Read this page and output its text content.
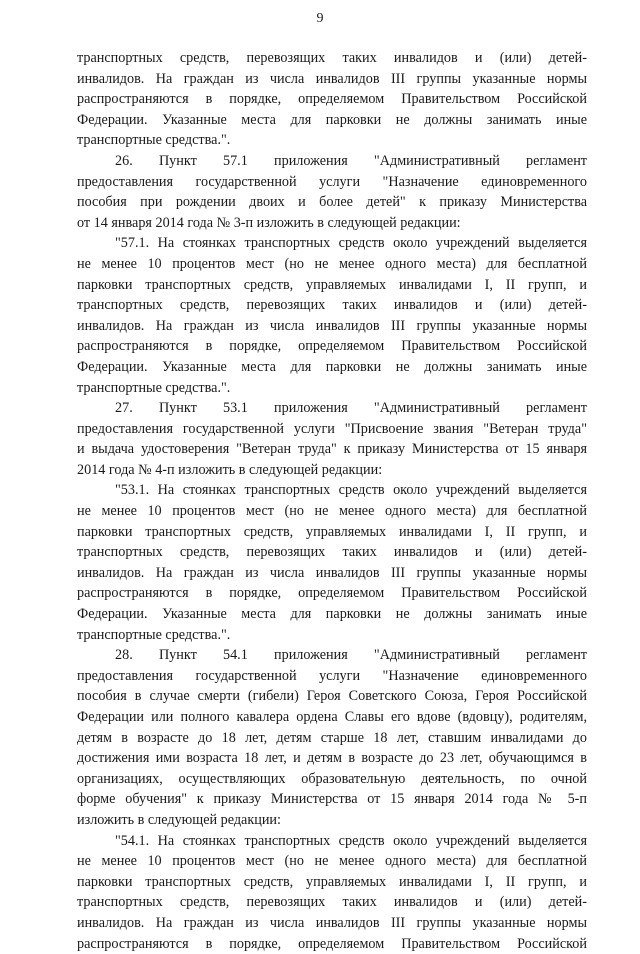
9
транспортных средств, перевозящих таких инвалидов и (или) детей-
инвалидов. На граждан из числа инвалидов III группы указанные нормы
распространяются в порядке, определяемом Правительством Российской
Федерации. Указанные места для парковки не должны занимать иные
транспортные средства.".
26. Пункт 57.1 приложения "Административный регламент
предоставления государственной услуги "Назначение единовременного
пособия при рождении двоих и более детей" к приказу Министерства
от 14 января 2014 года № 3-п изложить в следующей редакции:
"57.1. На стоянках транспортных средств около учреждений выделяется
не менее 10 процентов мест (но не менее одного места) для бесплатной
парковки транспортных средств, управляемых инвалидами I, II групп, и
транспортных средств, перевозящих таких инвалидов и (или) детей-
инвалидов. На граждан из числа инвалидов III группы указанные нормы
распространяются в порядке, определяемом Правительством Российской
Федерации. Указанные места для парковки не должны занимать иные
транспортные средства.".
27. Пункт 53.1 приложения "Административный регламент
предоставления государственной услуги "Присвоение звания "Ветеран труда"
и выдача удостоверения "Ветеран труда" к приказу Министерства от 15 января
2014 года № 4-п изложить в следующей редакции:
"53.1. На стоянках транспортных средств около учреждений выделяется
не менее 10 процентов мест (но не менее одного места) для бесплатной
парковки транспортных средств, управляемых инвалидами I, II групп, и
транспортных средств, перевозящих таких инвалидов и (или) детей-
инвалидов. На граждан из числа инвалидов III группы указанные нормы
распространяются в порядке, определяемом Правительством Российской
Федерации. Указанные места для парковки не должны занимать иные
транспортные средства.".
28. Пункт 54.1 приложения "Административный регламент
предоставления государственной услуги "Назначение единовременного
пособия в случае смерти (гибели) Героя Советского Союза, Героя Российской
Федерации или полного кавалера ордена Славы его вдове (вдовцу), родителям,
детям в возрасте до 18 лет, детям старше 18 лет, ставшим инвалидами до
достижения ими возраста 18 лет, и детям в возрасте до 23 лет, обучающимся в
организациях, осуществляющих образовательную деятельность, по очной
форме обучения" к приказу Министерства от 15 января 2014 года № 5-п
изложить в следующей редакции:
"54.1. На стоянках транспортных средств около учреждений выделяется
не менее 10 процентов мест (но не менее одного места) для бесплатной
парковки транспортных средств, управляемых инвалидами I, II групп, и
транспортных средств, перевозящих таких инвалидов и (или) детей-
инвалидов. На граждан из числа инвалидов III группы указанные нормы
распространяются в порядке, определяемом Правительством Российской
